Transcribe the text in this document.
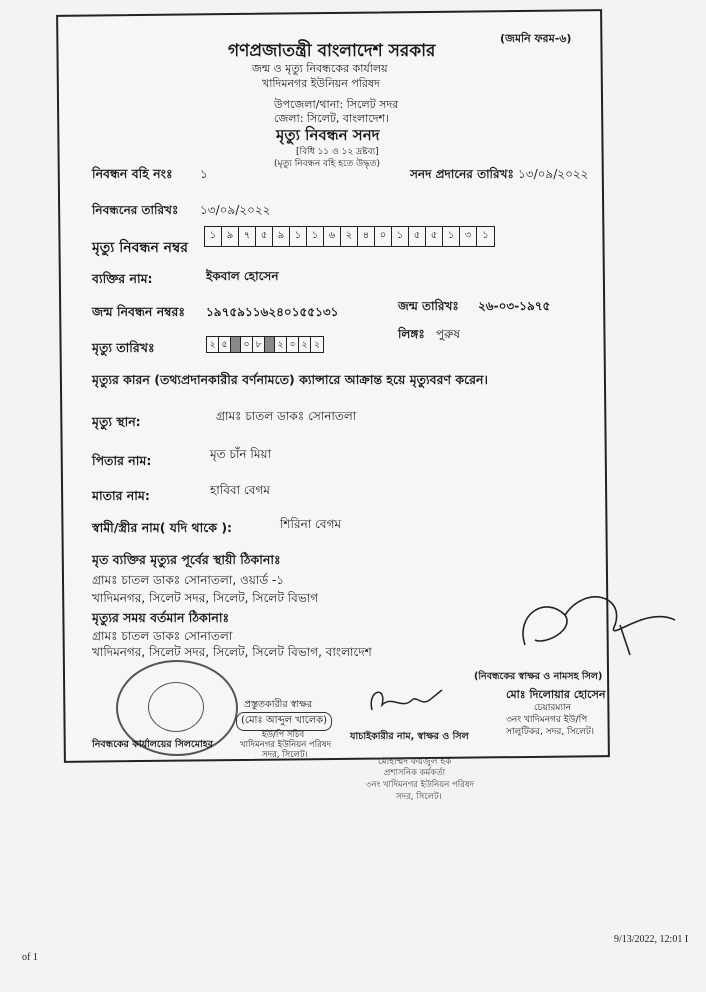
(জমনি ফরম-৬)
গণপ্রজাতন্ত্রী বাংলাদেশ সরকার
জন্ম ও মৃত্যু নিবন্ধকের কার্যালয়
খাদিমনগর ইউনিয়ন পরিষদ
উপজেলা/থানা: সিলেট সদর
জেলা: সিলেট, বাংলাদেশ।
মৃত্যু নিবন্ধন সনদ
[বিধি ১১ ও ১২ দ্রষ্টব্য]
(মৃত্যু নিবন্ধন বহি হতে উদ্ধৃত)
নিবন্ধন বহি নংঃ ১	সনদ প্রদানের তারিখঃ ১৩/০৯/২০২২
নিবন্ধনের তারিখঃ ১৩/০৯/২০২২
মৃত্যু নিবন্ধন নম্বর
১	৯	৭	৫	৯	১	১	৬	২	৪	০	১	৫	৫	১	৩	১
ব্যক্তির নাম:	ইকবাল হোসেন
জন্ম নিবন্ধন নম্বরঃ ১৯৭৫৯১১৬২৪০১৫৫১৩১	জন্ম তারিখঃ ২৬-০৩-১৯৭৫
লিঙ্গঃ পুরুষ
মৃত্যু তারিখঃ	২ ৫	০ ৮	২ ০ ২ ২
মৃত্যুর কারন (তথ্যপ্রদানকারীর বর্ণনামতে) ক্যান্সারে আক্রান্ত হয়ে মৃত্যুবরণ করেন।
মৃত্যু স্থান:	গ্রামঃ চাতল ডাকঃ সোনাতলা
পিতার নাম:	মৃত চাঁন মিয়া
মাতার নাম:	হাবিবা বেগম
স্বামী/স্ত্রীর নাম( যদি থাকে ):	শিরিনা বেগম
মৃত ব্যক্তির মৃত্যুর পূর্বের স্থায়ী ঠিকানাঃ
গ্রামঃ চাতল ডাকঃ সোনাতলা, ওয়ার্ড -১
খাদিমনগর, সিলেট সদর, সিলেট, সিলেট বিভাগ
মৃত্যুর সময় বর্তমান ঠিকানাঃ
গ্রামঃ চাতল ডাকঃ সোনাতলা
খাদিমনগর, সিলেট সদর, সিলেট, সিলেট বিভাগ, বাংলাদেশ
(নিবন্ধকের স্বাক্ষর ও নামসহ সিল)
মোঃ দিলোয়ার হোসেন
চেয়ারম্যান
৩নং খাদিমনগর ইউ/পি
সালুটিকর, সদর, সিলেট।
প্রস্তুতকারীর স্বাক্ষর
(মোঃ আব্দুল খালেক)
ইউ/পি সচিব
খাদিমনগর ইউনিয়ন পরিষদ
সদর, সিলেট।
যাচাইকারীর নাম, স্বাক্ষর ও সিল
নিবন্ধকের কার্যালয়ের সিলমোহর
মোহাম্মদ ফয়জুল হক
প্রশাসনিক কর্মকর্তা
৩নং খাদিমনগর ইউনিয়ন পরিষদ
সদর, সিলেট।
of 1
9/13/2022, 12:01 I
